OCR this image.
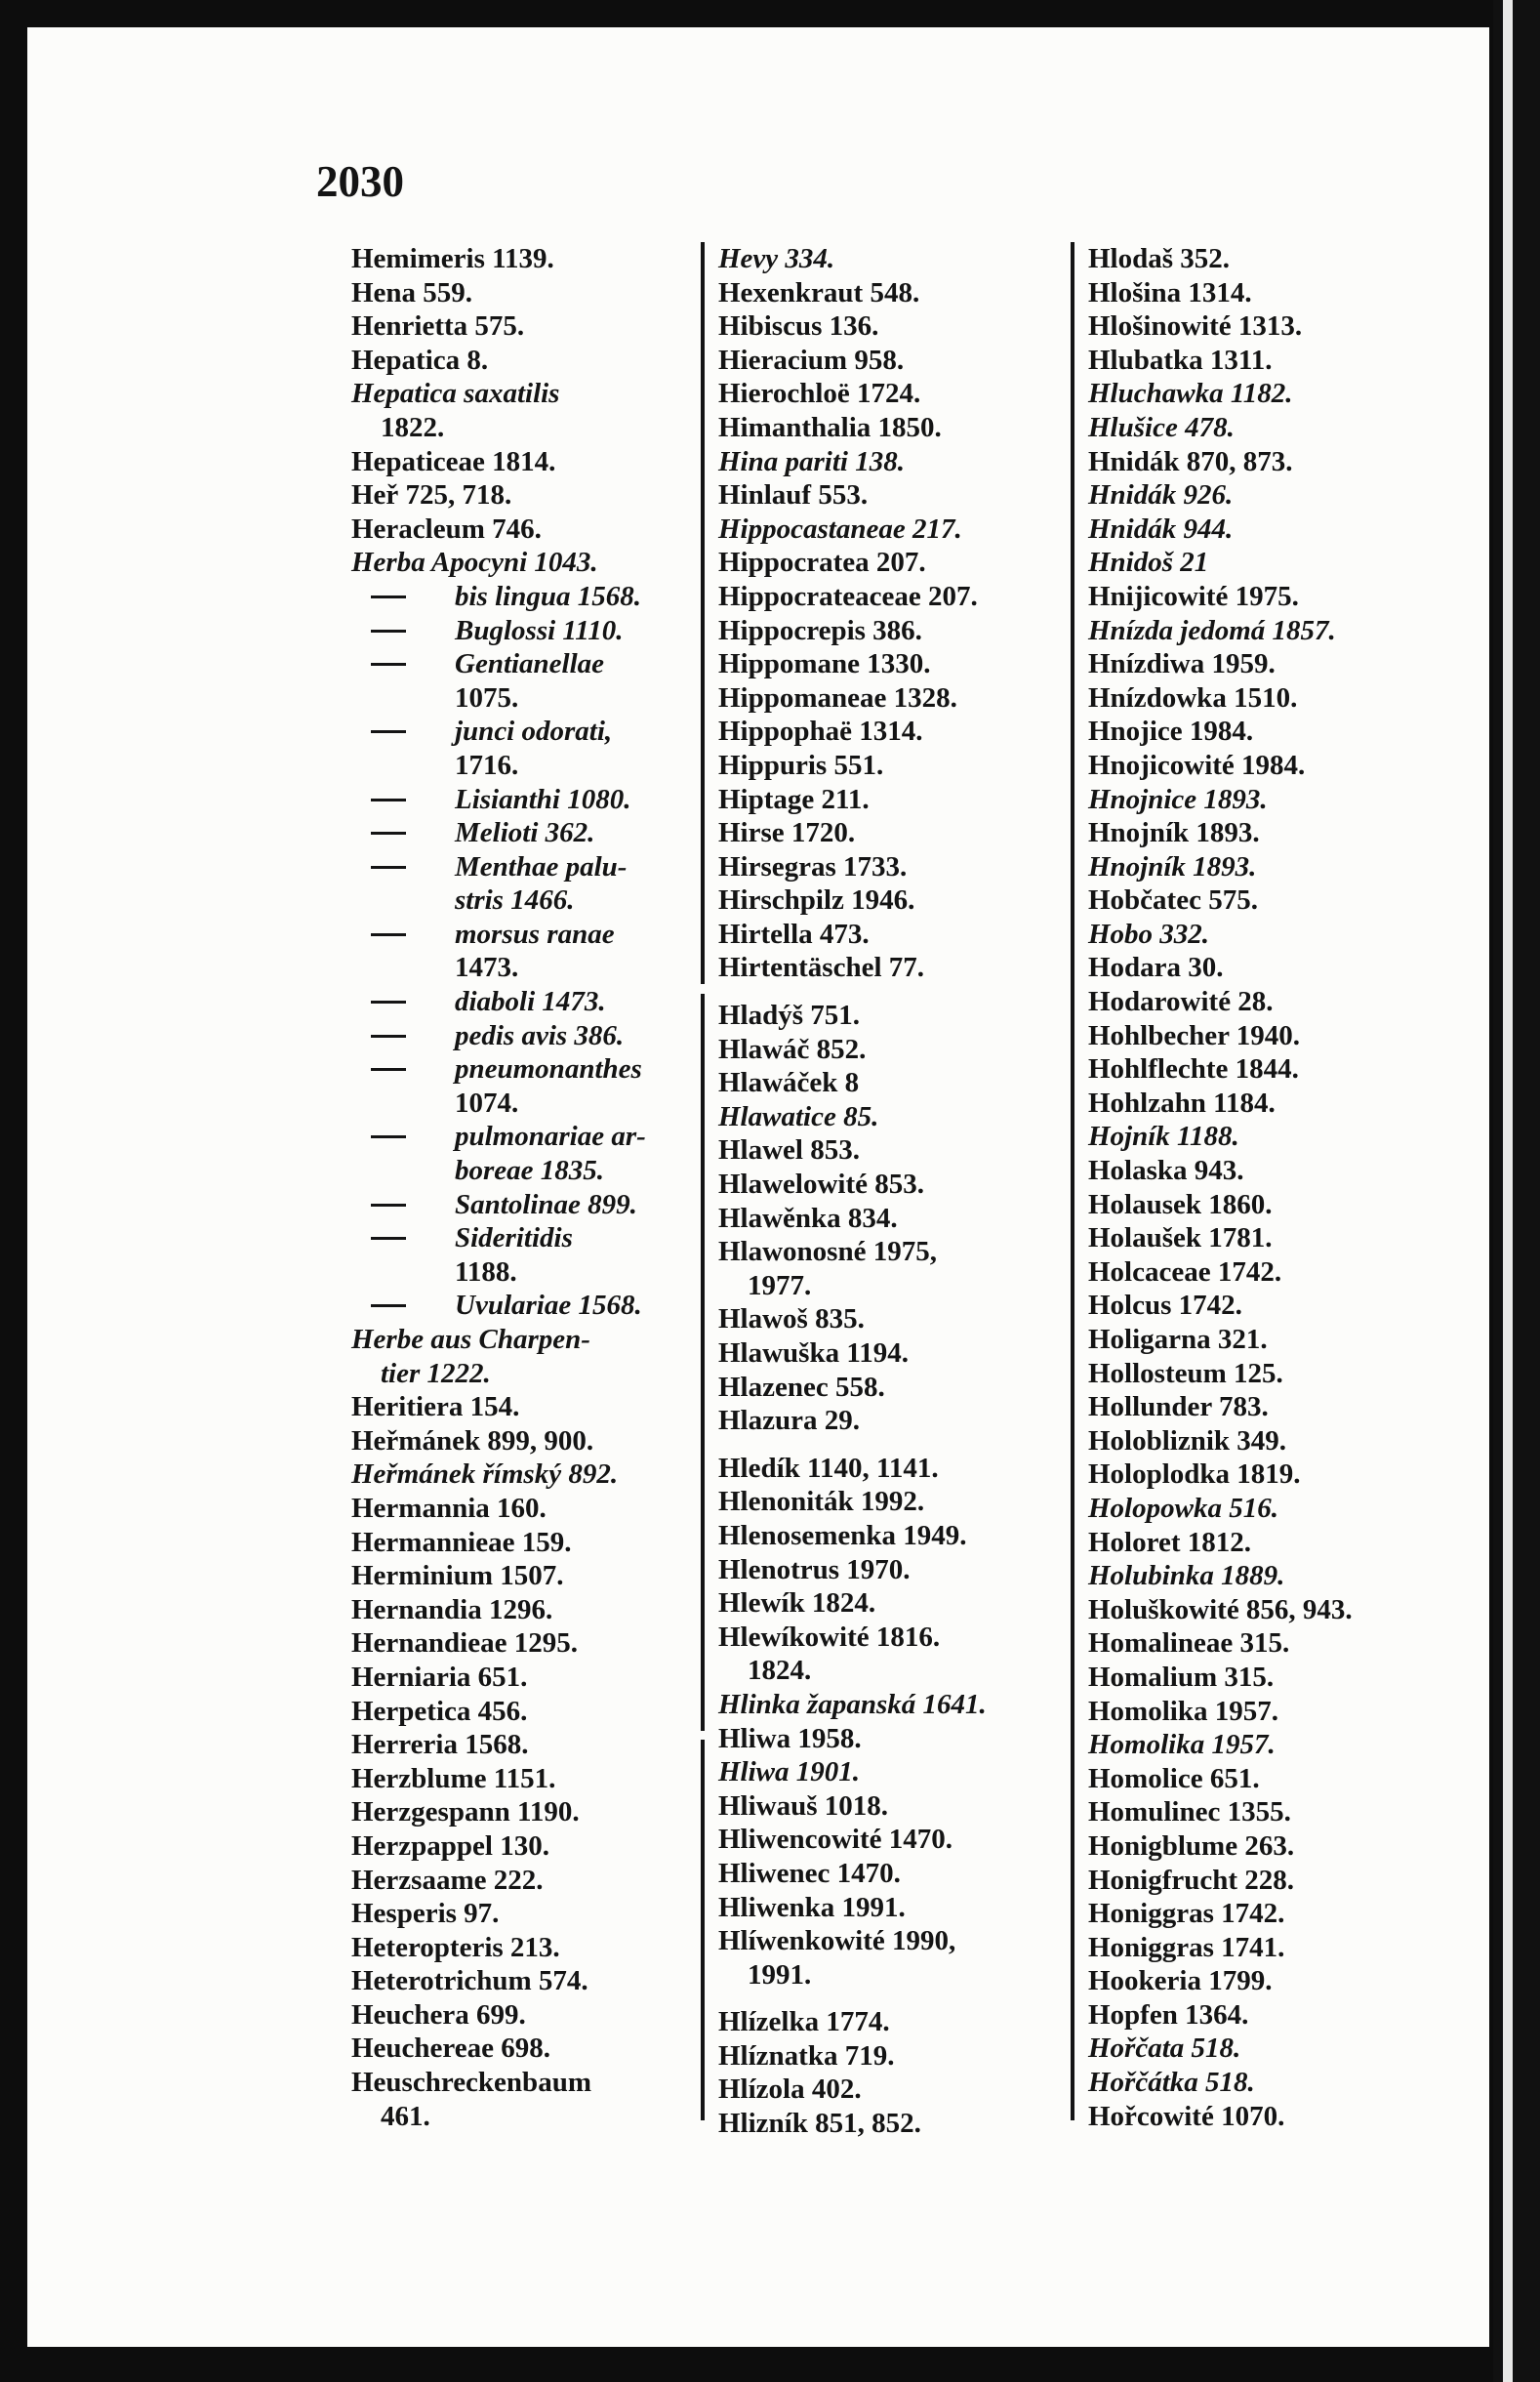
2030
Hemimeris 1139.
Hena 559.
Henrietta 575.
Hepatica 8.
Hepatica saxatilis
1822.
Hepaticeae 1814.
Heř 725, 718.
Heracleum 746.
Herba Apocyni 1043.
bis lingua 1568.
Buglossi 1110.
Gentianellae
1075.
junci odorati,
1716.
Lisianthi 1080.
Melioti 362.
Menthae palu-
stris 1466.
morsus ranae
1473.
diaboli 1473.
pedis avis 386.
pneumonanthes
1074.
pulmonariae ar-
boreae 1835.
Santolinae 899.
Sideritidis
1188.
Uvulariae 1568.
Herbe aus Charpen-
tier 1222.
Heritiera 154.
Heřmánek 899, 900.
Heřmánek římský 892.
Hermannia 160.
Hermannieae 159.
Herminium 1507.
Hernandia 1296.
Hernandieae 1295.
Herniaria 651.
Herpetica 456.
Herreria 1568.
Herzblume 1151.
Herzgespann 1190.
Herzpappel 130.
Herzsaame 222.
Hesperis 97.
Heteropteris 213.
Heterotrichum 574.
Heuchera 699.
Heuchereae 698.
Heuschreckenbaum
461.
Hevy 334.
Hexenkraut 548.
Hibiscus 136.
Hieracium 958.
Hierochloë 1724.
Himanthalia 1850.
Hina pariti 138.
Hinlauf 553.
Hippocastaneae 217.
Hippocratea 207.
Hippocrateaceae 207.
Hippocrepis 386.
Hippomane 1330.
Hippomaneae 1328.
Hippophaë 1314.
Hippuris 551.
Hiptage 211.
Hirse 1720.
Hirsegras 1733.
Hirschpilz 1946.
Hirtella 473.
Hirtentäschel 77.
Hladýš 751.
Hlawáč 852.
Hlawáček 8
Hlawatice 85.
Hlawel 853.
Hlawelowité 853.
Hlawěnka 834.
Hlawonosné 1975,
1977.
Hlawoš 835.
Hlawuška 1194.
Hlazenec 558.
Hlazura 29.
Hledík 1140, 1141.
Hlenoniták 1992.
Hlenosemenka 1949.
Hlenotrus 1970.
Hlewík 1824.
Hlewíkowité 1816.
1824.
Hlinka žapanská 1641.
Hliwa 1958.
Hliwa 1901.
Hliwauš 1018.
Hliwencowité 1470.
Hliwenec 1470.
Hliwenka 1991.
Hlíwenkowité 1990,
1991.
Hlízelka 1774.
Hlíznatka 719.
Hlízola 402.
Hlizník 851, 852.
Hlodaš 352.
Hlošina 1314.
Hlošinowité 1313.
Hlubatka 1311.
Hluchawka 1182.
Hlušice 478.
Hnidák 870, 873.
Hnidák 926.
Hnidák 944.
Hnidoš 21
Hnijicowité 1975.
Hnízda jedomá 1857.
Hnízdiwa 1959.
Hnízdowka 1510.
Hnojice 1984.
Hnojicowité 1984.
Hnojnice 1893.
Hnojník 1893.
Hnojník 1893.
Hobčatec 575.
Hobo 332.
Hodara 30.
Hodarowité 28.
Hohlbecher 1940.
Hohlflechte 1844.
Hohlzahn 1184.
Hojník 1188.
Holaska 943.
Holausek 1860.
Holaušek 1781.
Holcaceae 1742.
Holcus 1742.
Holigarna 321.
Hollosteum 125.
Hollunder 783.
Holobliznik 349.
Holoplodka 1819.
Holopowka 516.
Holoret 1812.
Holubinka 1889.
Holuškowité 856, 943.
Homalineae 315.
Homalium 315.
Homolika 1957.
Homolika 1957.
Homolice 651.
Homulinec 1355.
Honigblume 263.
Honigfrucht 228.
Honiggras 1742.
Honiggras 1741.
Hookeria 1799.
Hopfen 1364.
Hořčata 518.
Hořčátka 518.
Hořcowité 1070.
